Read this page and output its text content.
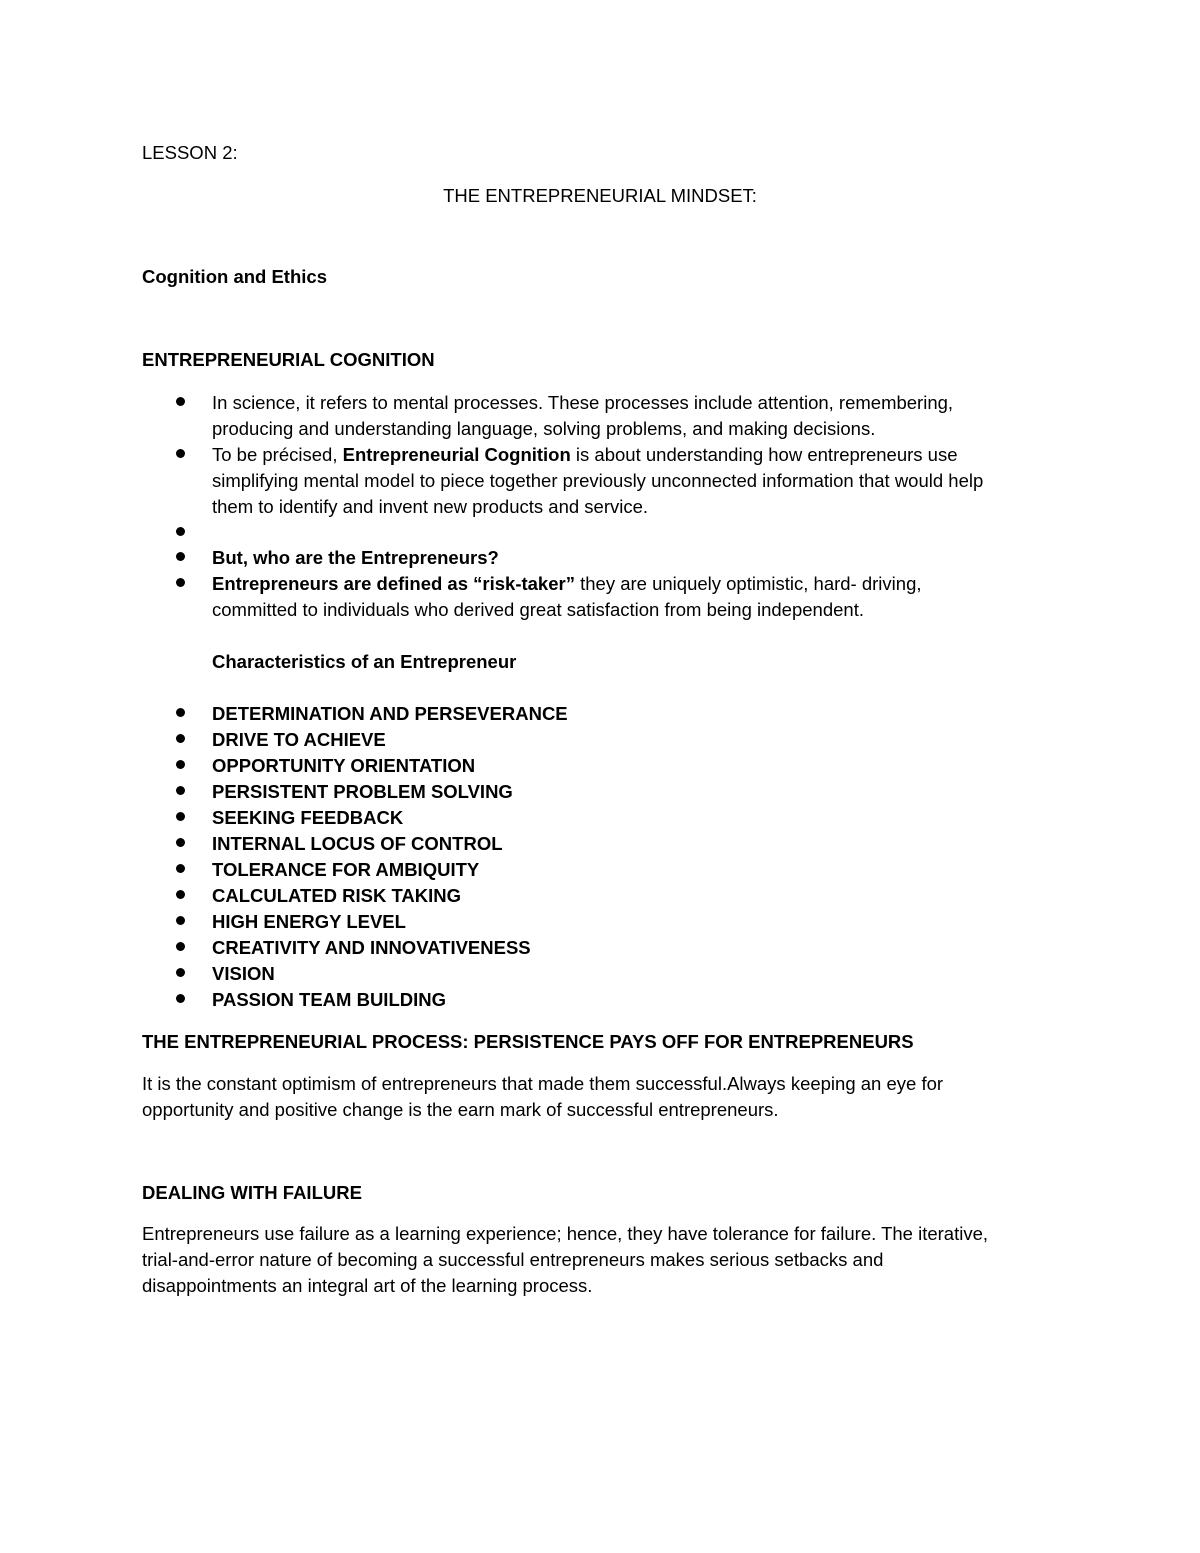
LESSON 2:
THE ENTREPRENEURIAL MINDSET:
Cognition and Ethics
ENTREPRENEURIAL COGNITION
In science, it refers to mental processes. These processes include attention, remembering,
producing and understanding language, solving problems, and making decisions.
To be précised, Entrepreneurial Cognition is about understanding how entrepreneurs use
simplifying mental model to piece together previously unconnected information that would help
them to identify and invent new products and service.
But, who are the Entrepreneurs?
Entrepreneurs are defined as “risk-taker” they are uniquely optimistic, hard- driving,
committed to individuals who derived great satisfaction from being independent.
Characteristics of an Entrepreneur
DETERMINATION AND PERSEVERANCE
DRIVE TO ACHIEVE
OPPORTUNITY ORIENTATION
PERSISTENT PROBLEM SOLVING
SEEKING FEEDBACK
INTERNAL LOCUS OF CONTROL
TOLERANCE FOR AMBIQUITY
CALCULATED RISK TAKING
HIGH ENERGY LEVEL
CREATIVITY AND INNOVATIVENESS
VISION
PASSION TEAM BUILDING
THE ENTREPRENEURIAL PROCESS: PERSISTENCE PAYS OFF FOR ENTREPRENEURS
It is the constant optimism of entrepreneurs that made them successful.Always keeping an eye for
opportunity and positive change is the earn mark of successful entrepreneurs.
DEALING WITH FAILURE
Entrepreneurs use failure as a learning experience; hence, they have tolerance for failure. The iterative,
trial-and-error nature of becoming a successful entrepreneurs makes serious setbacks and
disappointments an integral art of the learning process.
